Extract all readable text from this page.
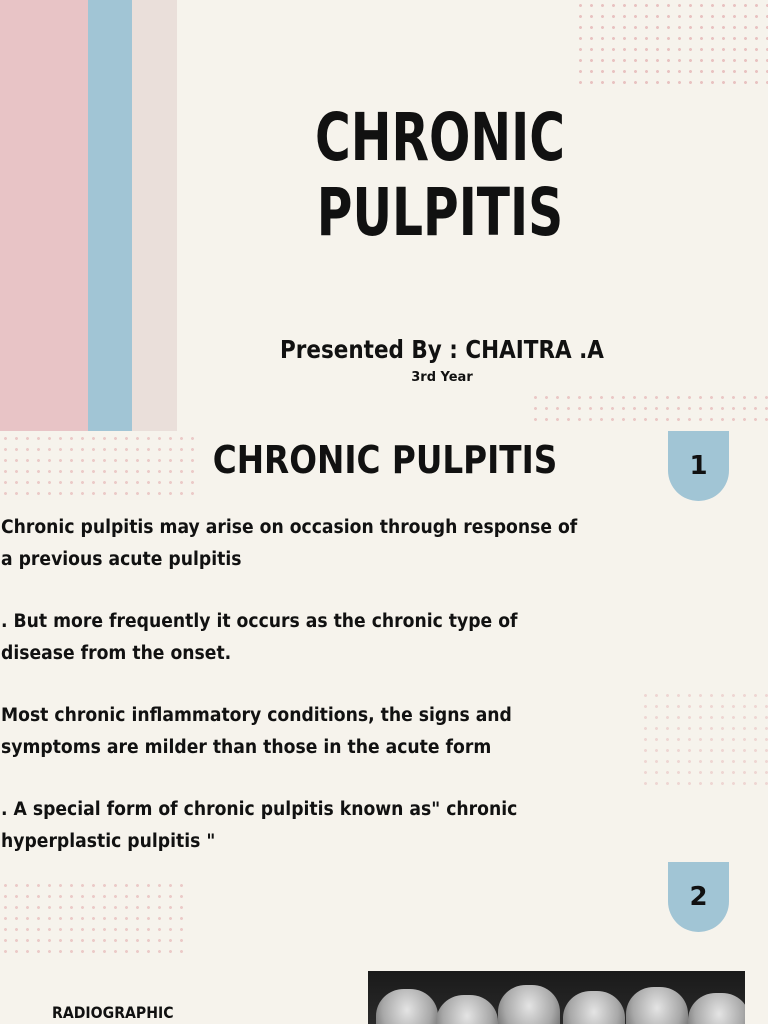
CHRONIC
PULPITIS
Presented By : CHAITRA .A
3rd Year
CHRONIC PULPITIS	1

Chronic pulpitis may arise on occasion through response of a previous acute pulpitis

. But more frequently it occurs as the chronic type of disease from the onset.

Most chronic inflammatory conditions, the signs and symptoms are milder than those in the acute form

. A special form of chronic pulpitis known as" chronic hyperplastic pulpitis "

2
RADIOGRAPHIC
